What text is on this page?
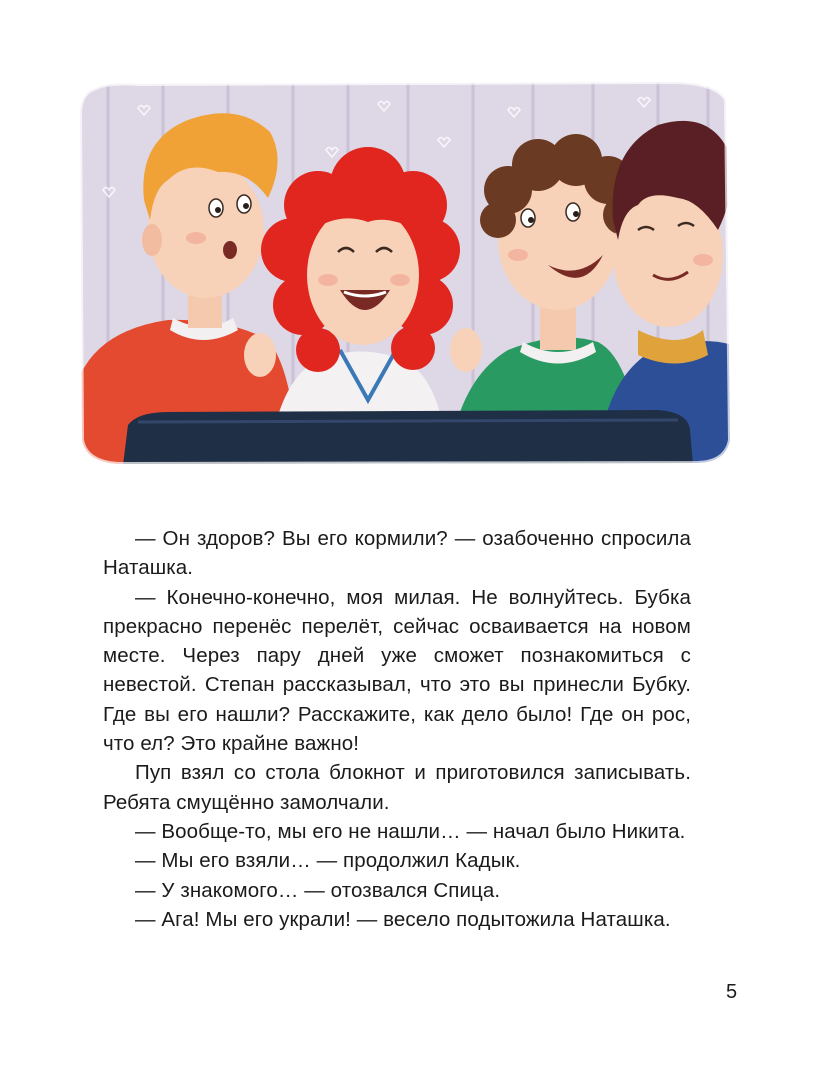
— Он здоров? Вы его кормили? — озабоченно спросила Наташка.

— Конечно-конечно, моя милая. Не волнуйтесь. Бубка прекрасно перенёс перелёт, сейчас осваивается на новом месте. Через пару дней уже сможет познакомиться с невестой. Степан рассказывал, что это вы принесли Бубку. Где вы его нашли? Расскажите, как дело было! Где он рос, что ел? Это крайне важно!

Пуп взял со стола блокнот и приготовился записывать. Ребята смущённо замолчали.

— Вообще-то, мы его не нашли… — начал было Никита.

— Мы его взяли… — продолжил Кадык.

— У знакомого… — отозвался Спица.

— Ага! Мы его украли! — весело подытожила Наташка.

5
